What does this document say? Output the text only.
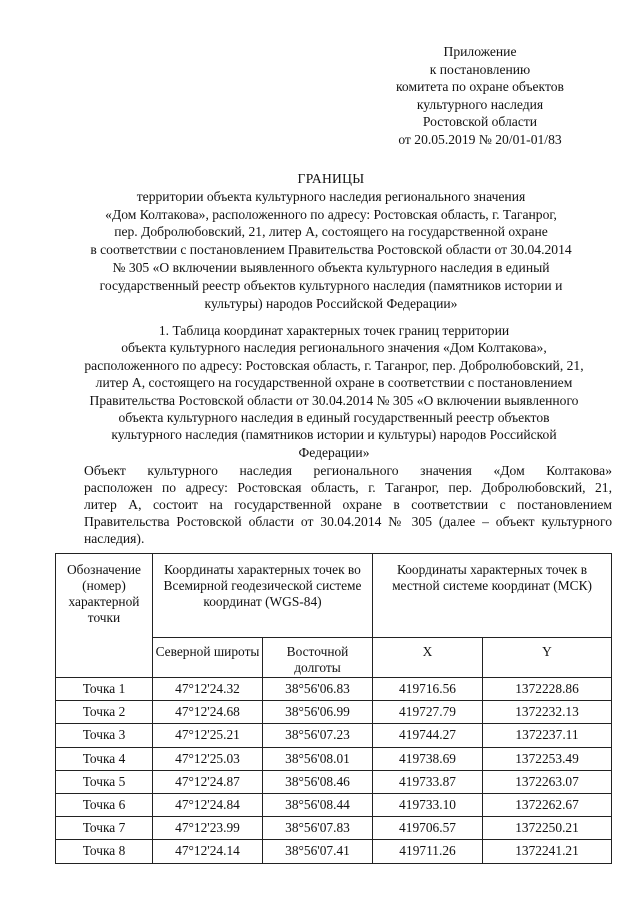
Приложение
к постановлению
комитета по охране объектов
культурного наследия
Ростовской области
от 20.05.2019 № 20/01-01/83
ГРАНИЦЫ
территории объекта культурного наследия регионального значения
«Дом Колтакова», расположенного по адресу: Ростовская область, г. Таганрог,
пер. Добролюбовский, 21, литер А, состоящего на государственной охране
в соответствии с постановлением Правительства Ростовской области от 30.04.2014
№ 305 «О включении выявленного объекта культурного наследия в единый
государственный реестр объектов культурного наследия (памятников истории и
культуры) народов Российской Федерации»
1. Таблица координат характерных точек границ территории
объекта культурного наследия регионального значения «Дом Колтакова»,
расположенного по адресу: Ростовская область, г. Таганрог, пер. Добролюбовский, 21,
литер А, состоящего на государственной охране в соответствии с постановлением
Правительства Ростовской области от 30.04.2014 № 305 «О включении выявленного
объекта культурного наследия в единый государственный реестр объектов
культурного наследия (памятников истории и культуры) народов Российской
Федерации»
Объект культурного наследия регионального значения «Дом Колтакова»
расположен по адресу: Ростовская область, г. Таганрог, пер. Добролюбовский, 21,
литер А, состоит на государственной охране в соответствии с постановлением
Правительства Ростовской области от 30.04.2014 № 305 (далее – объект культурного
наследия).
Обозначение (номер) характерной точки	Координаты характерных точек во Всемирной геодезической системе координат (WGS-84)		Координаты характерных точек в местной системе координат (МСК)	
	Северной широты	Восточной долготы	X	Y
Точка 1	47°12'24.32	38°56'06.83	419716.56	1372228.86
Точка 2	47°12'24.68	38°56'06.99	419727.79	1372232.13
Точка 3	47°12'25.21	38°56'07.23	419744.27	1372237.11
Точка 4	47°12'25.03	38°56'08.01	419738.69	1372253.49
Точка 5	47°12'24.87	38°56'08.46	419733.87	1372263.07
Точка 6	47°12'24.84	38°56'08.44	419733.10	1372262.67
Точка 7	47°12'23.99	38°56'07.83	419706.57	1372250.21
Точка 8	47°12'24.14	38°56'07.41	419711.26	1372241.21
